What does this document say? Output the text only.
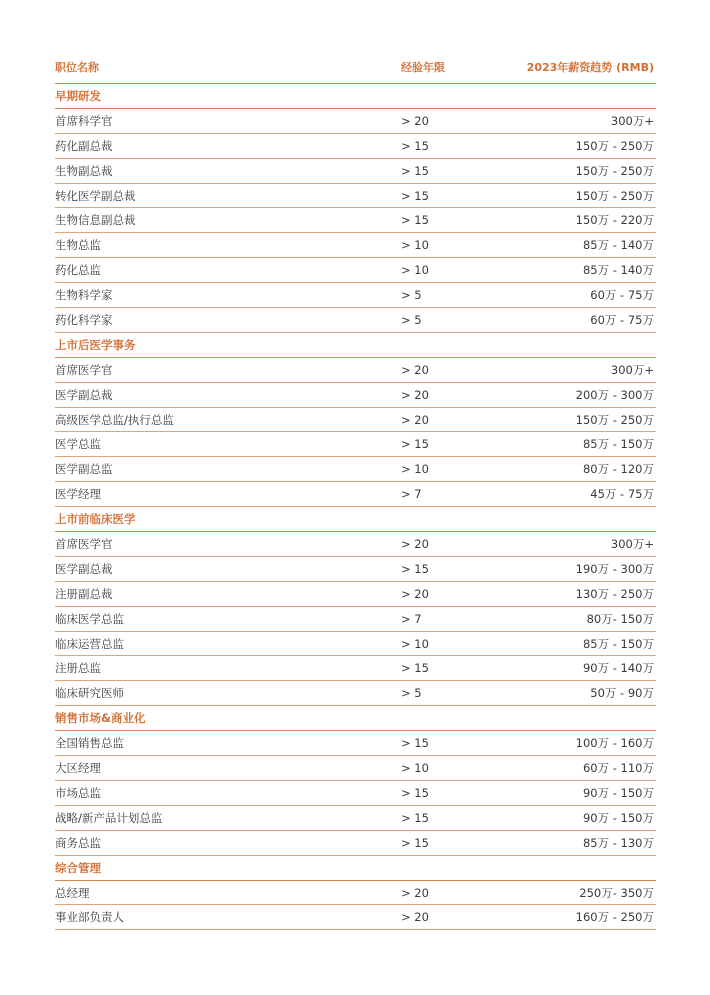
职位名称	经验年限	2023年薪资趋势 (RMB)
早期研发
首席科学官	> 20	300万+
药化副总裁	> 15	150万 - 250万
生物副总裁	> 15	150万 - 250万
转化医学副总裁	> 15	150万 - 250万
生物信息副总裁	> 15	150万 - 220万
生物总监	> 10	85万 - 140万
药化总监	> 10	85万 - 140万
生物科学家	> 5	60万 - 75万
药化科学家	> 5	60万 - 75万
上市后医学事务
首席医学官	> 20	300万+
医学副总裁	> 20	200万 - 300万
高级医学总监/执行总监	> 20	150万 - 250万
医学总监	> 15	85万 - 150万
医学副总监	> 10	80万 - 120万
医学经理	> 7	45万 - 75万
上市前临床医学
首席医学官	> 20	300万+
医学副总裁	> 15	190万 - 300万
注册副总裁	> 20	130万 - 250万
临床医学总监	> 7	80万- 150万
临床运营总监	> 10	85万 - 150万
注册总监	> 15	90万 - 140万
临床研究医师	> 5	50万 - 90万
销售市场&商业化
全国销售总监	> 15	100万 - 160万
大区经理	> 10	60万 - 110万
市场总监	> 15	90万 - 150万
战略/新产品计划总监	> 15	90万 - 150万
商务总监	> 15	85万 - 130万
综合管理
总经理	> 20	250万- 350万
事业部负责人	> 20	160万 - 250万
